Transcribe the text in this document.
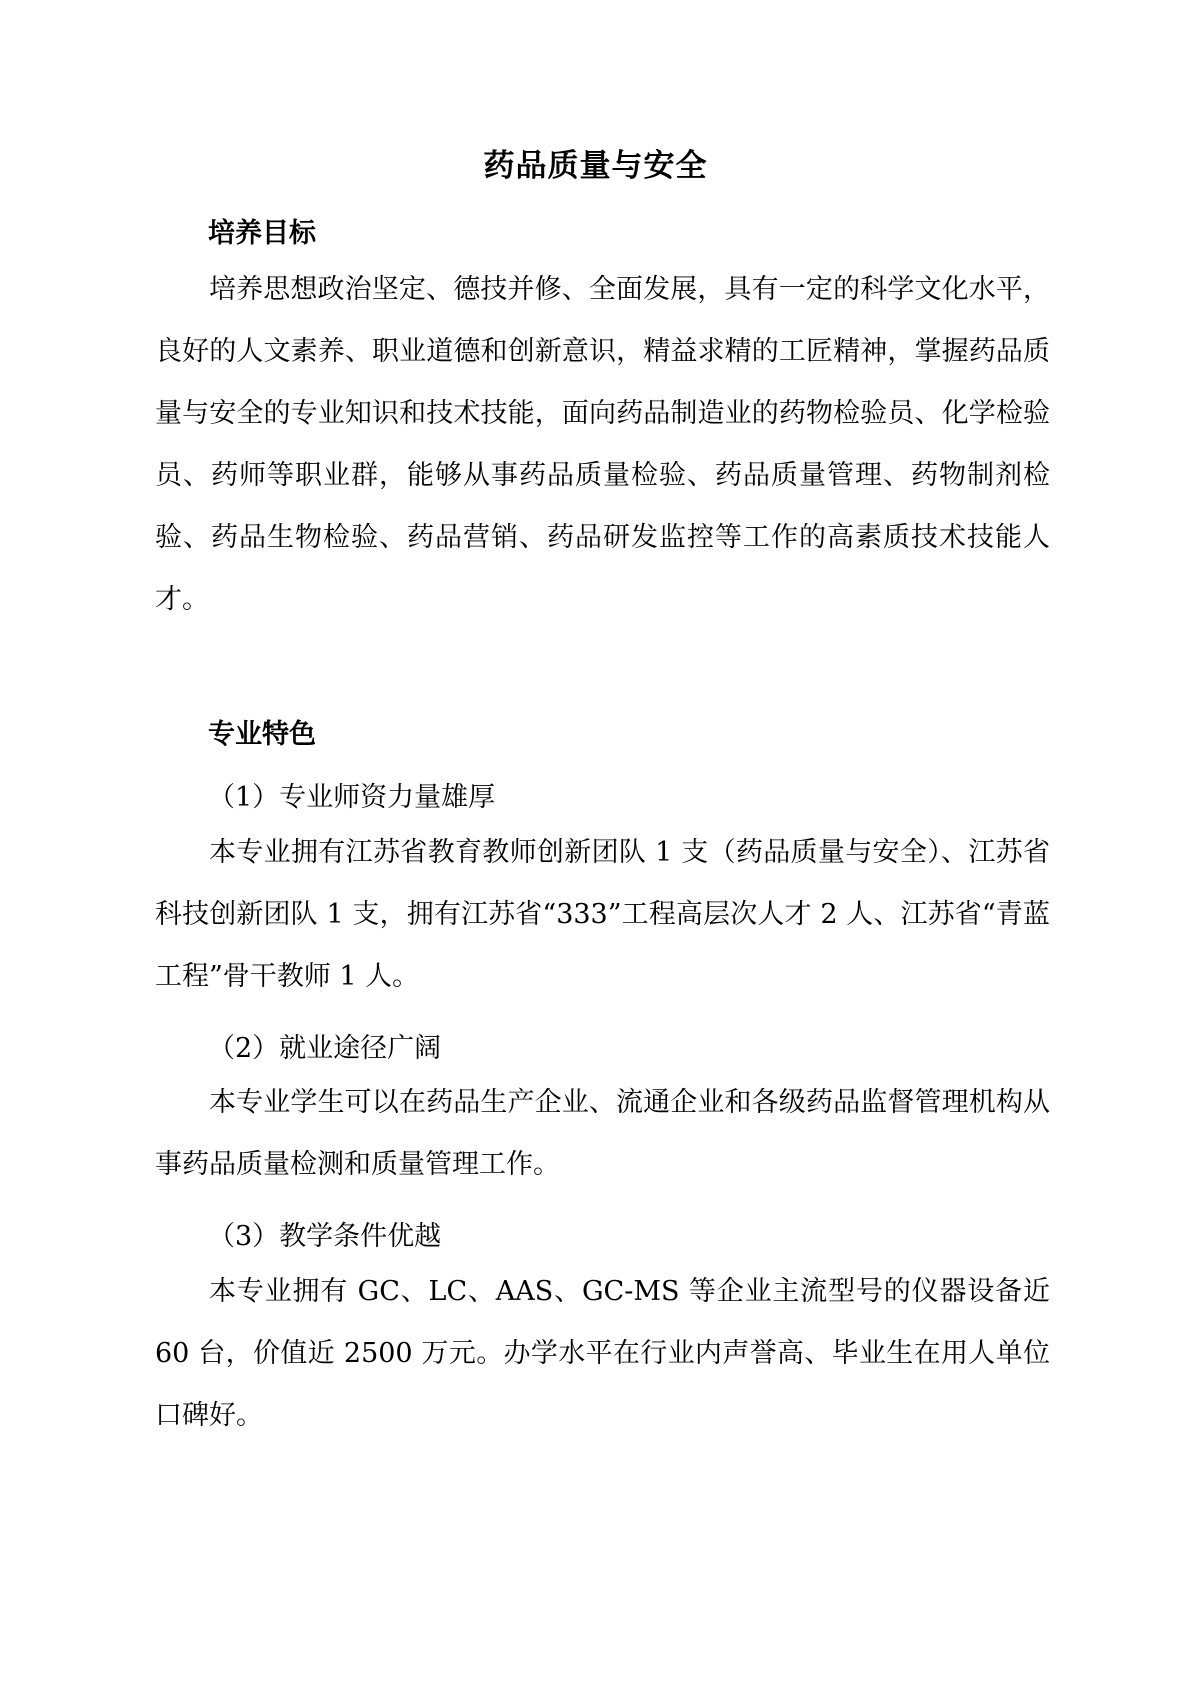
药品质量与安全
培养目标

培养思想政治坚定、德技并修、全面发展，具有一定的科学文化水平，良好的人文素养、职业道德和创新意识，精益求精的工匠精神，掌握药品质量与安全的专业知识和技术技能，面向药品制造业的药物检验员、化学检验员、药师等职业群，能够从事药品质量检验、药品质量管理、药物制剂检验、药品生物检验、药品营销、药品研发监控等工作的高素质技术技能人才。

专业特色

（1）专业师资力量雄厚

本专业拥有江苏省教育教师创新团队 1 支（药品质量与安全）、江苏省科技创新团队 1 支，拥有江苏省“333”工程高层次人才 2 人、江苏省“青蓝工程”骨干教师 1 人。

（2）就业途径广阔

本专业学生可以在药品生产企业、流通企业和各级药品监督管理机构从事药品质量检测和质量管理工作。

（3）教学条件优越

本专业拥有 GC、LC、AAS、GC-MS 等企业主流型号的仪器设备近 60 台，价值近 2500 万元。办学水平在行业内声誉高、毕业生在用人单位口碑好。
